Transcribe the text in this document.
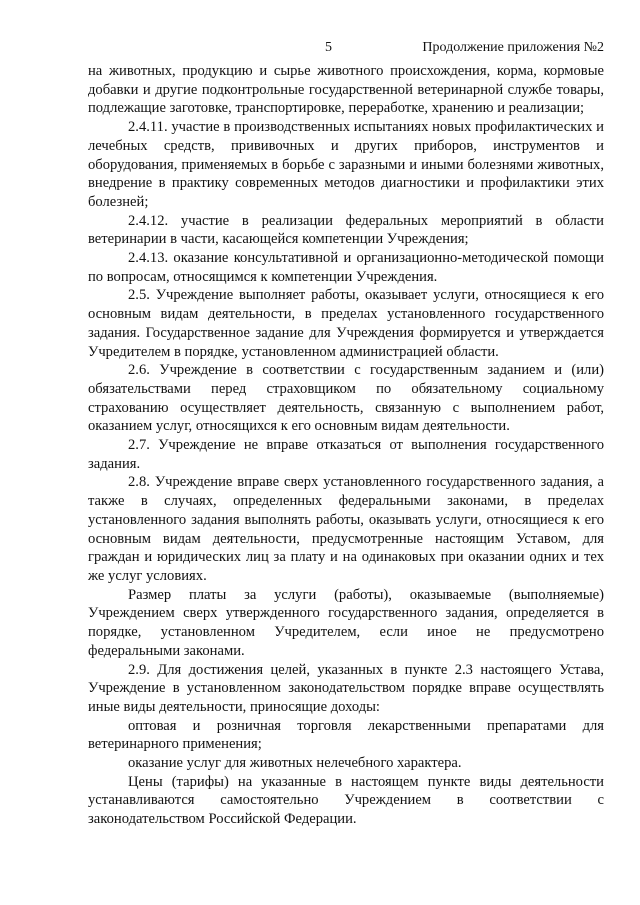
5	Продолжение приложения №2

на животных, продукцию и сырье животного происхождения, корма, кормовые добавки и другие подконтрольные государственной ветеринарной службе товары, подлежащие заготовке, транспортировке, переработке, хранению и реализации;

2.4.11. участие в производственных испытаниях новых профилактических и лечебных средств, прививочных и других приборов, инструментов и оборудования, применяемых в борьбе с заразными и иными болезнями животных, внедрение в практику современных методов диагностики и профилактики этих болезней;

2.4.12. участие в реализации федеральных мероприятий в области ветеринарии в части, касающейся компетенции Учреждения;

2.4.13. оказание консультативной и организационно-методической помощи по вопросам, относящимся к компетенции Учреждения.

2.5. Учреждение выполняет работы, оказывает услуги, относящиеся к его основным видам деятельности, в пределах установленного государственного задания. Государственное задание для Учреждения формируется и утверждается Учредителем в порядке, установленном администрацией области.

2.6. Учреждение в соответствии с государственным заданием и (или) обязательствами перед страховщиком по обязательному социальному страхованию осуществляет деятельность, связанную с выполнением работ, оказанием услуг, относящихся к его основным видам деятельности.

2.7. Учреждение не вправе отказаться от выполнения государственного задания.

2.8. Учреждение вправе сверх установленного государственного задания, а также в случаях, определенных федеральными законами, в пределах установленного задания выполнять работы, оказывать услуги, относящиеся к его основным видам деятельности, предусмотренные настоящим Уставом, для граждан и юридических лиц за плату и на одинаковых при оказании одних и тех же услуг условиях.

Размер платы за услуги (работы), оказываемые (выполняемые) Учреждением сверх утвержденного государственного задания, определяется в порядке, установленном Учредителем, если иное не предусмотрено федеральными законами.

2.9. Для достижения целей, указанных в пункте 2.3 настоящего Устава, Учреждение в установленном законодательством порядке вправе осуществлять иные виды деятельности, приносящие доходы:

оптовая и розничная торговля лекарственными препаратами для ветеринарного применения;

оказание услуг для животных нелечебного характера.

Цены (тарифы) на указанные в настоящем пункте виды деятельности устанавливаются самостоятельно Учреждением в соответствии с законодательством Российской Федерации.
